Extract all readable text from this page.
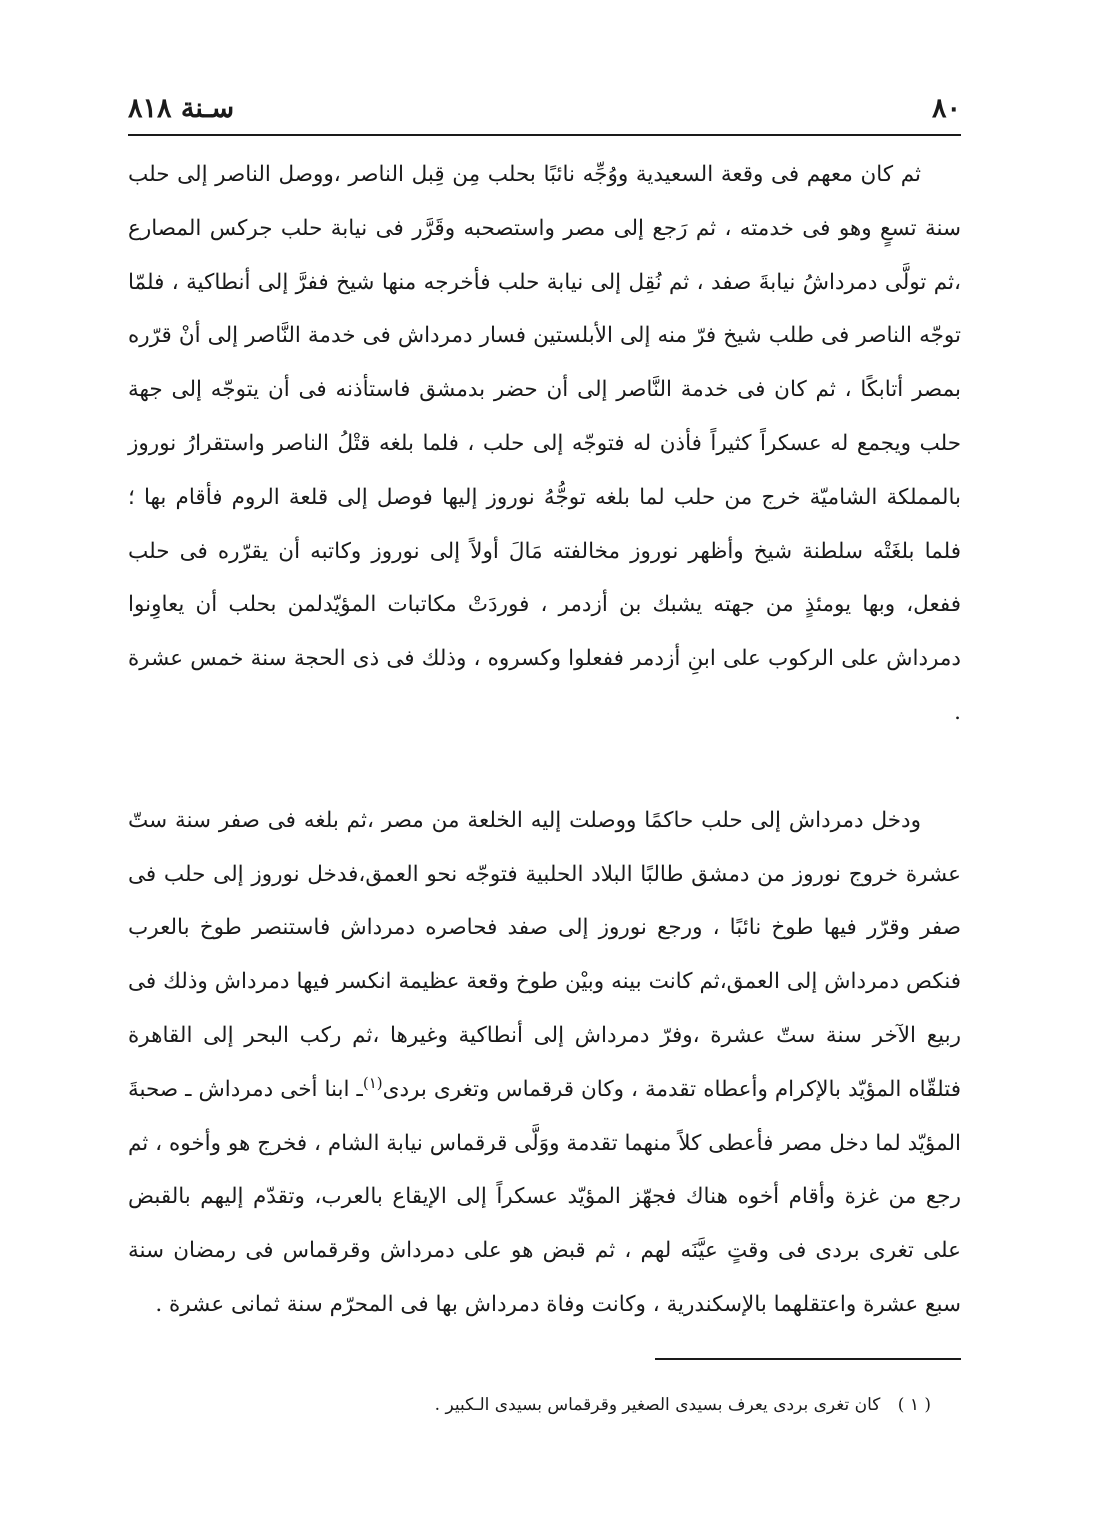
٨٠
سـنة ٨١٨

ثم كان معهم فى وقعة السعيدية ووُجِّه نائبًا بحلب مِن قِبل الناصر ،ووصل الناصر إلى حلب سنة تسعٍ وهو فى خدمته ، ثم رَجع إلى مصر واستصحبه وقَرَّر فى نيابة حلب جركس المصارع ،ثم تولَّى دمرداشُ نيابةَ صفد ، ثم نُقِل إلى نيابة حلب فأخرجه منها شيخ ففرَّ إلى أنطاكية ، فلمّا توجّه الناصر فى طلب شيخ فرّ منه إلى الأبلستين فسار دمرداش فى خدمة النَّاصر إلى أنْ قرّره بمصر أتابكًا ، ثم كان فى خدمة النَّاصر إلى أن حضر بدمشق فاستأذنه فى أن يتوجّه إلى جهة حلب ويجمع له عسكراً كثيراً فأذن له فتوجّه إلى حلب ، فلما بلغه قتْلُ الناصر واستقرارُ نوروز بالمملكة الشاميّة خرج من حلب لما بلغه توجُّهُ نوروز إليها فوصل إلى قلعة الروم فأقام بها ؛ فلما بلغَتْه سلطنة شيخ وأظهر نوروز مخالفته مَالَ أولاً إلى نوروز وكاتبه أن يقرّره فى حلب ففعل، وبها يومئذٍ من جهته يشبك بن أزدمر ، فوردَتْ مكاتبات المؤيّدلمن بحلب أن يعاوِنوا دمرداش على الركوب على ابنِ أزدمر ففعلوا وكسروه ، وذلك فى ذى الحجة سنة خمس عشرة .

ودخل دمرداش إلى حلب حاكمًا ووصلت إليه الخلعة من مصر ،ثم بلغه فى صفر سنة ستّ عشرة خروج نوروز من دمشق طالبًا البلاد الحلبية فتوجّه نحو العمق،فدخل نوروز إلى حلب فى صفر وقرّر فيها طوخ نائبًا ، ورجع نوروز إلى صفد فحاصره دمرداش فاستنصر طوخ بالعرب فنكص دمرداش إلى العمق،ثم كانت بينه وبيْن طوخ وقعة عظيمة انكسر فيها دمرداش وذلك فى ربيع الآخر سنة ستّ عشرة ،وفرّ دمرداش إلى أنطاكية وغيرها ،ثم ركب البحر إلى القاهرة فتلقّاه المؤيّد بالإكرام وأعطاه تقدمة ، وكان قرقماس وتغرى بردى$^{(١)}$ـ ابنا أخى دمرداش ـ صحبةَ المؤيّد لما دخل مصر فأعطى كلاً منهما تقدمة ووَلَّى قرقماس نيابة الشام ، فخرج هو وأخوه ، ثم رجع من غزة وأقام أخوه هناك فجهّز المؤيّد عسكراً إلى الإيقاع بالعرب، وتقدّم إليهم بالقبض على تغرى بردى فى وقتٍ عيَّنَه لهم ، ثم قبض هو على دمرداش وقرقماس فى رمضان سنة سبع عشرة واعتقلهما بالإسكندرية ، وكانت وفاة دمرداش بها فى المحرّم سنة ثمانى عشرة .

( ١ ) كان تغرى بردى يعرف بسيدى الصغير وقرقماس بسيدى الـكبير .
